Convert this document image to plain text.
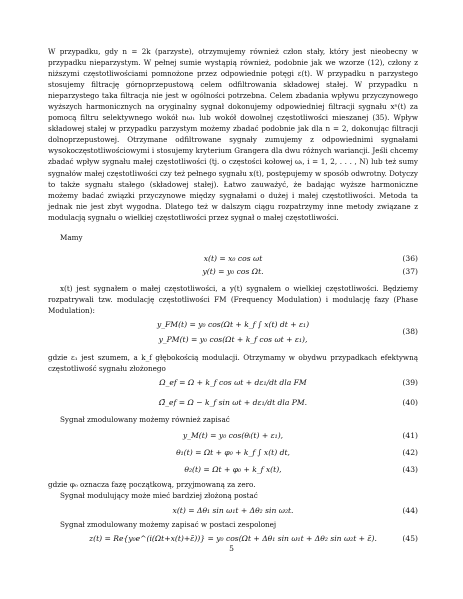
W przypadku, gdy n = 2k (parzyste), otrzymujemy również człon stały, który jest nieobecny w przypadku nieparzystym. W pełnej sumie wystąpią również, podobnie jak we wzorze (12), człony z niższymi częstotliwościami pomnożone przez odpowiednie potęgi ε(t). W przypadku n parzystego stosujemy filtrację górnoprzepustową celem odfiltrowania składowej stałej. W przypadku n nieparzystego taka filtracja nie jest w ogólności potrzebna. Celem zbadania wpływu przyczynowego wyższych harmonicznych na oryginalny sygnał dokonujemy odpowiedniej filtracji sygnału xⁿ(t) za pomocą filtru selektywnego wokół nω₁ lub wokół dowolnej częstotliwości mieszanej (35). Wpływ składowej stałej w przypadku parzystym możemy zbadać podobnie jak dla n = 2, dokonując filtracji dolnoprzepustowej. Otrzymane odfiltrowane sygnały zumujemy z odpowiednimi sygnałami wysokoczęstotliwościowymi i stosujemy kryterium Grangera dla dwu różnych wariancji. Jeśli chcemy zbadać wpływ sygnału małej częstotliwości (tj. o częstości kołowej ωᵢ, i = 1, 2, . . . , N) lub też sumy sygnałów małej częstotliwości czy też pełnego sygnału x(t), postępujemy w sposób odwrotny. Dotyczy to także sygnału stałego (składowej stałej). Łatwo zauważyć, że badając wyższe harmoniczne możemy badać związki przyczynowe między sygnałami o dużej i małej częstotliwości. Metoda ta jednak nie jest zbyt wygodna. Dlatego też w dalszym ciągu rozpatrzymy inne metody związane z modulacją sygnału o wielkiej częstotliwości przez sygnał o małej częstotliwości.
Mamy
x(t) = x₀ cos ωt	(36)
y(t) = y₀ cos Ωt.	(37)
x(t) jest sygnałem o małej częstotliwości, a y(t) sygnałem o wielkiej częstotliwości. Będziemy rozpatrywali tzw. modulację częstotliwości FM (Frequency Modulation) i modulację fazy (Phase Modulation):
y_FM(t) = y₀ cos(Ωt + k_f ∫ x(t) dt + ε₁)
(38)
y_PM(t) = y₀ cos(Ωt + k_f cos ωt + ε₁),
gdzie ε₁ jest szumem, a k_f głębokością modulacji. Otrzymamy w obydwu przypadkach efektywną częstotliwość sygnału złożonego
Ω_ef = Ω + k_f cos ωt + dε₁/dt dla FM	(39)
Ω̃_ef = Ω − k_f sin ωt + dε₁/dt dla PM.	(40)
Sygnał zmodulowany możemy również zapisać
y_M(t) = y₀ cos(θᵢ(t) + ε₁),	(41)
θ₁(t) = Ωt + φ₀ + k_f ∫ x(t) dt,	(42)
θ₂(t) = Ωt + φ₀ + k_f x(t),	(43)
gdzie φ₀ oznacza fazę początkową, przyjmowaną za zero.
Sygnał modulujący może mieć bardziej złożoną postać
x(t) = Δθ₁ sin ω₁t + Δθ₂ sin ω₂t.	(44)
Sygnał zmodulowany możemy zapisać w postaci zespolonej
z(t) = Re{y₀e^(i(Ωt+x(t)+ε̃))} = y₀ cos(Ωt + Δθ₁ sin ω₁t + Δθ₂ sin ω₂t + ε̃).	(45)
5
